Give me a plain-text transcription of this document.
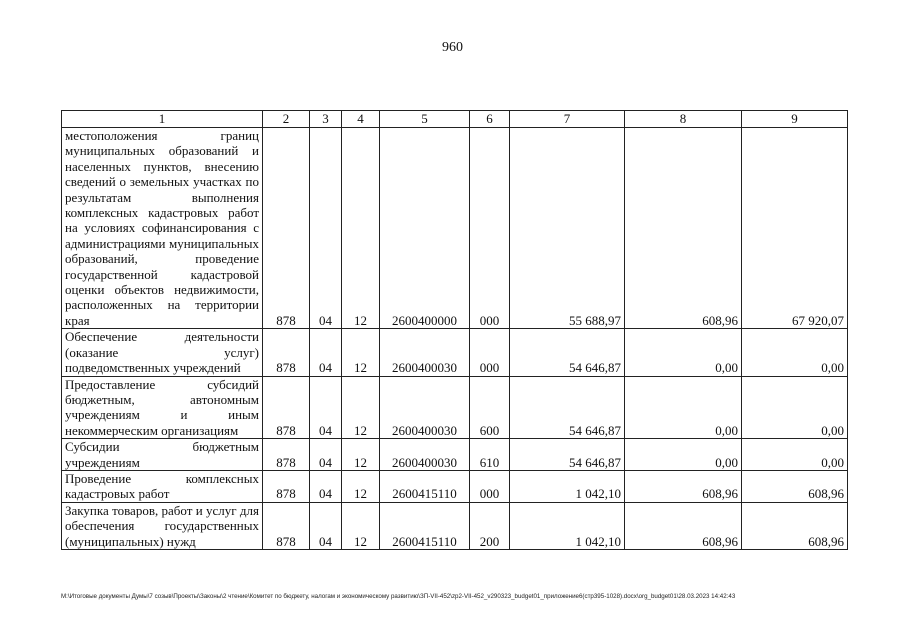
960
1	2	3	4	5	6	7	8	9
местоположения границ муниципальных образований и населенных пунктов, внесению сведений о земельных участках по результатам выполнения комплексных кадастровых работ на условиях софинансирования с администрациями муниципальных образований, проведение государственной кадастровой оценки объектов недвижимости, расположенных на территории края	878	04	12	2600400000	000	55 688,97	608,96	67 920,07
Обеспечение деятельности (оказание услуг) подведомственных учреждений	878	04	12	2600400030	000	54 646,87	0,00	0,00
Предоставление субсидий бюджетным, автономным учреждениям и иным некоммерческим организациям	878	04	12	2600400030	600	54 646,87	0,00	0,00
Субсидии бюджетным учреждениям	878	04	12	2600400030	610	54 646,87	0,00	0,00
Проведение комплексных кадастровых работ	878	04	12	2600415110	000	1 042,10	608,96	608,96
Закупка товаров, работ и услуг для обеспечения государственных (муниципальных) нужд	878	04	12	2600415110	200	1 042,10	608,96	608,96
M:\Итоговые документы Думы\7 созыв\Проекты\Законы\2 чтение\Комитет по бюджету, налогам и экономическому развитию\ЗП-VII-452\zp2-VII-452_v290323_budget01_приложение6(стр395-1028).docx\org_budget01\28.03.2023 14:42:43
